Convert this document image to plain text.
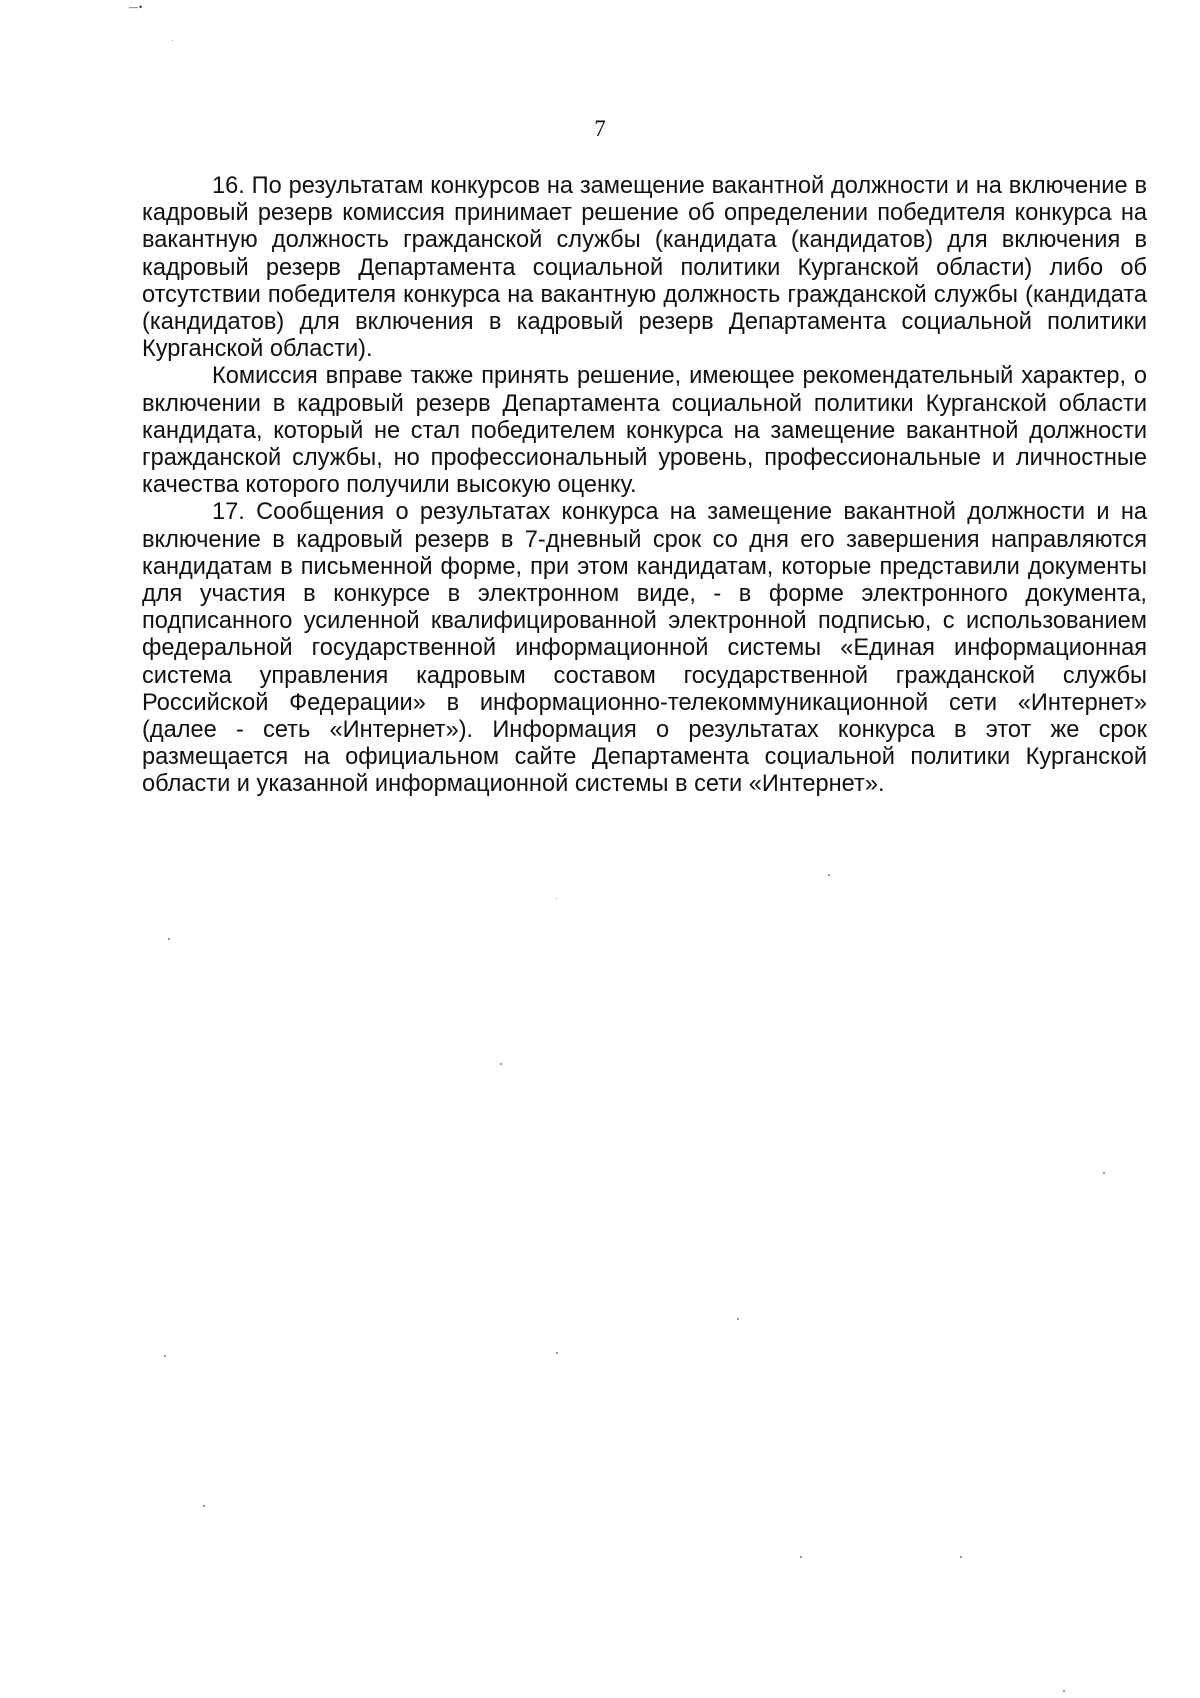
—•
7

16. По результатам конкурсов на замещение вакантной должности и на включение в кадровый резерв комиссия принимает решение об определении победителя конкурса на вакантную должность гражданской службы (кандидата (кандидатов) для включения в кадровый резерв Департамента социальной политики Курганской области) либо об отсутствии победителя конкурса на вакантную должность гражданской службы (кандидата (кандидатов) для включения в кадровый резерв Департамента социальной политики Курганской области).

Комиссия вправе также принять решение, имеющее рекомендательный характер, о включении в кадровый резерв Департамента социальной политики Курганской области кандидата, который не стал победителем конкурса на замещение вакантной должности гражданской службы, но профессиональный уровень, профессиональные и личностные качества которого получили высокую оценку.

17. Сообщения о результатах конкурса на замещение вакантной должности и на включение в кадровый резерв в 7-дневный срок со дня его завершения направляются кандидатам в письменной форме, при этом кандидатам, которые представили документы для участия в конкурсе в электронном виде, - в форме электронного документа, подписанного усиленной квалифицированной электронной подписью, с использованием федеральной государственной информационной системы «Единая информационная система управления кадровым составом государственной гражданской службы Российской Федерации» в информационно-телекоммуникационной сети «Интернет» (далее - сеть «Интернет»). Информация о результатах конкурса в этот же срок размещается на официальном сайте Департамента социальной политики Курганской области и указанной информационной системы в сети «Интернет».
